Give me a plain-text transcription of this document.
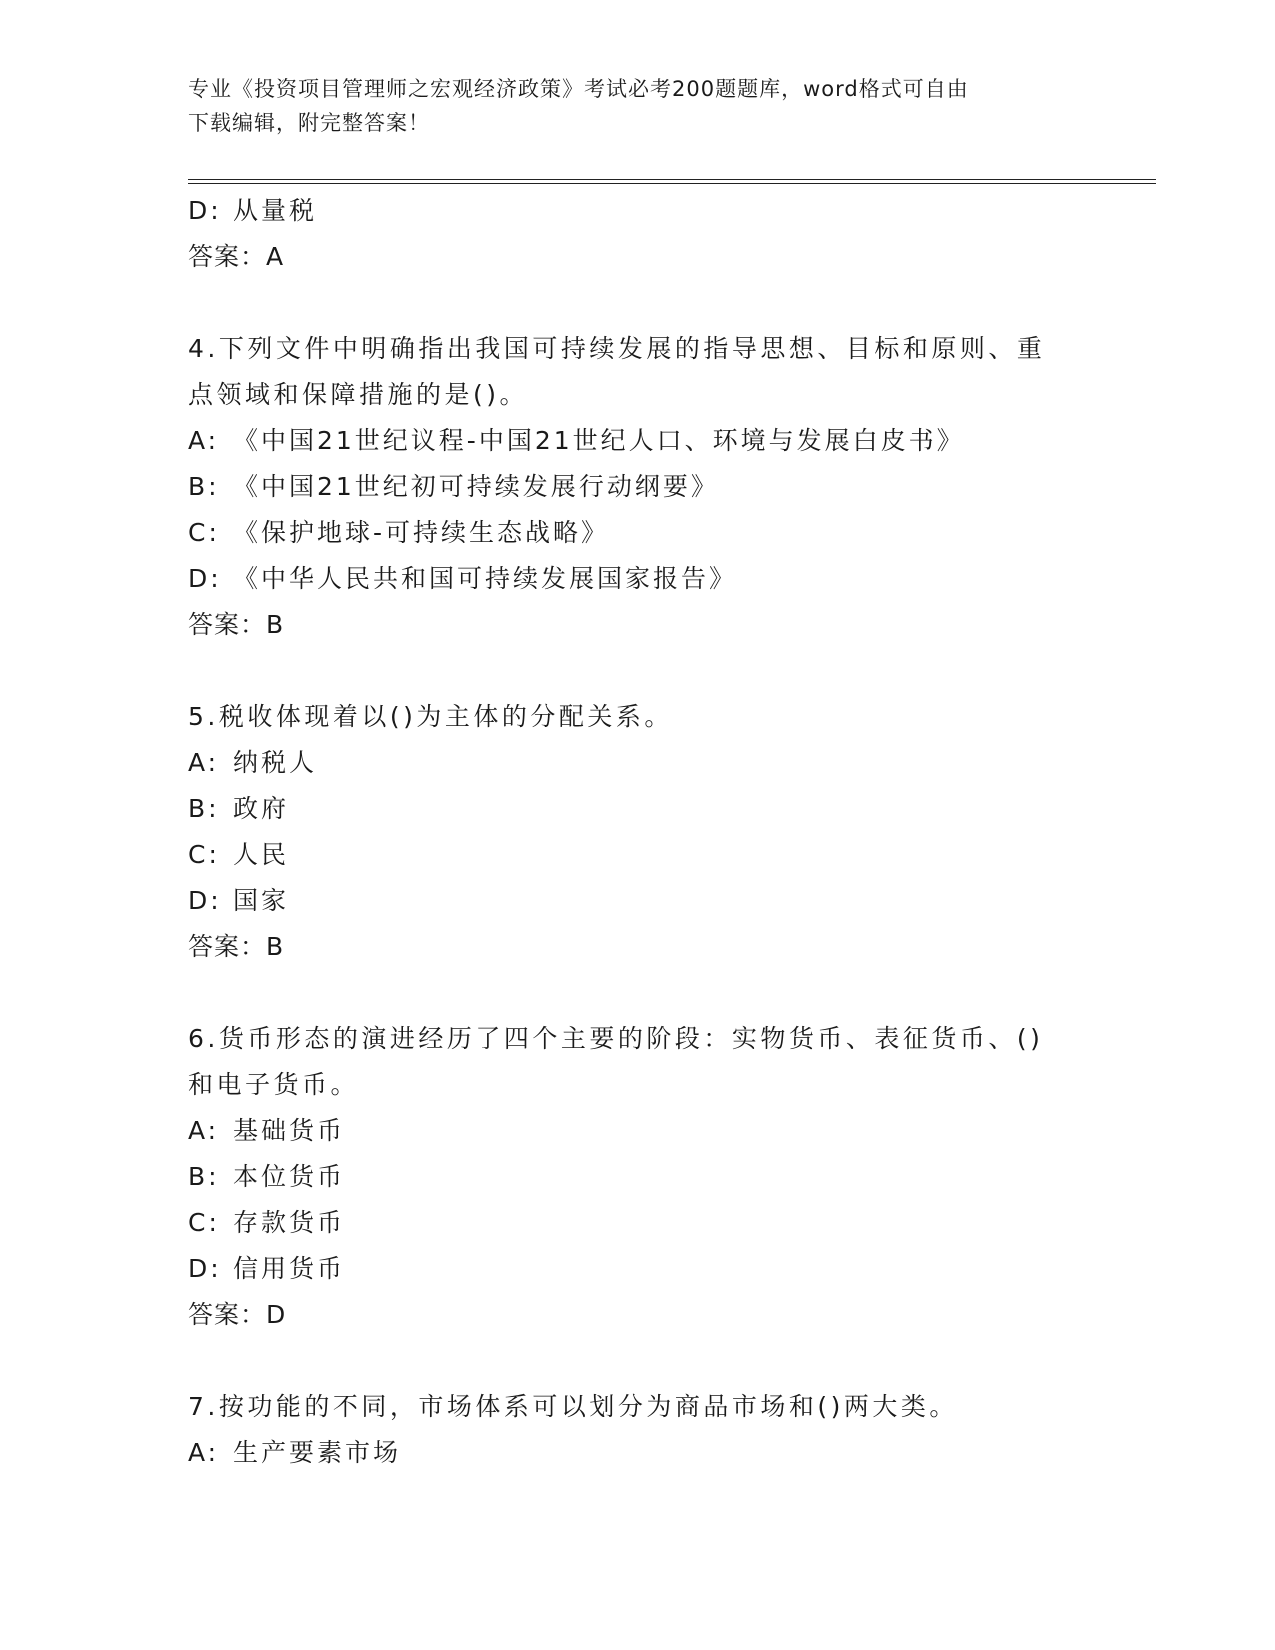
专业《投资项目管理师之宏观经济政策》考试必考200题题库，word格式可自由
下载编辑，附完整答案！
D: 从量税
答案：A
4.下列文件中明确指出我国可持续发展的指导思想、目标和原则、重
点领域和保障措施的是()。
A: 《中国21世纪议程-中国21世纪人口、环境与发展白皮书》
B: 《中国21世纪初可持续发展行动纲要》
C: 《保护地球-可持续生态战略》
D: 《中华人民共和国可持续发展国家报告》
答案：B
5.税收体现着以()为主体的分配关系。
A: 纳税人
B: 政府
C: 人民
D: 国家
答案：B
6.货币形态的演进经历了四个主要的阶段：实物货币、表征货币、()
和电子货币。
A: 基础货币
B: 本位货币
C: 存款货币
D: 信用货币
答案：D
7.按功能的不同，市场体系可以划分为商品市场和()两大类。
A: 生产要素市场
